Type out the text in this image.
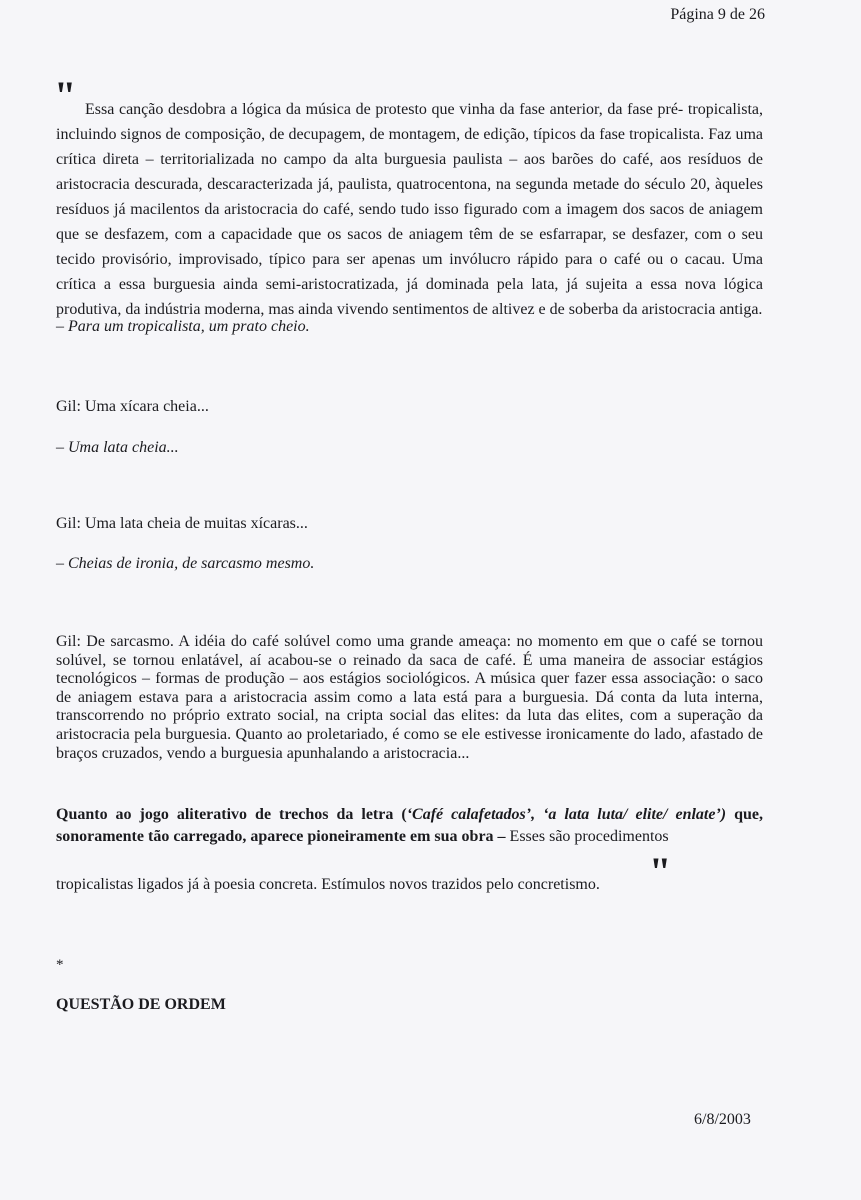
Página 9 de 26
" Essa canção desdobra a lógica da música de protesto que vinha da fase anterior, da fase pré- tropicalista, incluindo signos de composição, de decupagem, de montagem, de edição, típicos da fase tropicalista. Faz uma crítica direta – territorializada no campo da alta burguesia paulista – aos barões do café, aos resíduos de aristocracia descurada, descaracterizada já, paulista, quatrocentona, na segunda metade do século 20, àqueles resíduos já macilentos da aristocracia do café, sendo tudo isso figurado com a imagem dos sacos de aniagem que se desfazem, com a capacidade que os sacos de aniagem têm de se esfarrapar, se desfazer, com o seu tecido provisório, improvisado, típico para ser apenas um invólucro rápido para o café ou o cacau. Uma crítica a essa burguesia ainda semi-aristocratizada, já dominada pela lata, já sujeita a essa nova lógica produtiva, da indústria moderna, mas ainda vivendo sentimentos de altivez e de soberba da aristocracia antiga.

– Para um tropicalista, um prato cheio.

Gil: Uma xícara cheia...

– Uma lata cheia...

Gil: Uma lata cheia de muitas xícaras...

– Cheias de ironia, de sarcasmo mesmo.

Gil: De sarcasmo. A idéia do café solúvel como uma grande ameaça: no momento em que o café se tornou solúvel, se tornou enlatável, aí acabou-se o reinado da saca de café. É uma maneira de associar estágios tecnológicos – formas de produção – aos estágios sociológicos. A música quer fazer essa associação: o saco de aniagem estava para a aristocracia assim como a lata está para a burguesia. Dá conta da luta interna, transcorrendo no próprio extrato social, na cripta social das elites: da luta das elites, com a superação da aristocracia pela burguesia. Quanto ao proletariado, é como se ele estivesse ironicamente do lado, afastado de braços cruzados, vendo a burguesia apunhalando a aristocracia...

Quanto ao jogo aliterativo de trechos da letra (‘Café calafetados’, ‘a lata luta/ elite/ enlate’) que, sonoramente tão carregado, aparece pioneiramente em sua obra – Esses são procedimentos

"

tropicalistas ligados já à poesia concreta. Estímulos novos trazidos pelo concretismo.

*

QUESTÃO DE ORDEM

6/8/2003
